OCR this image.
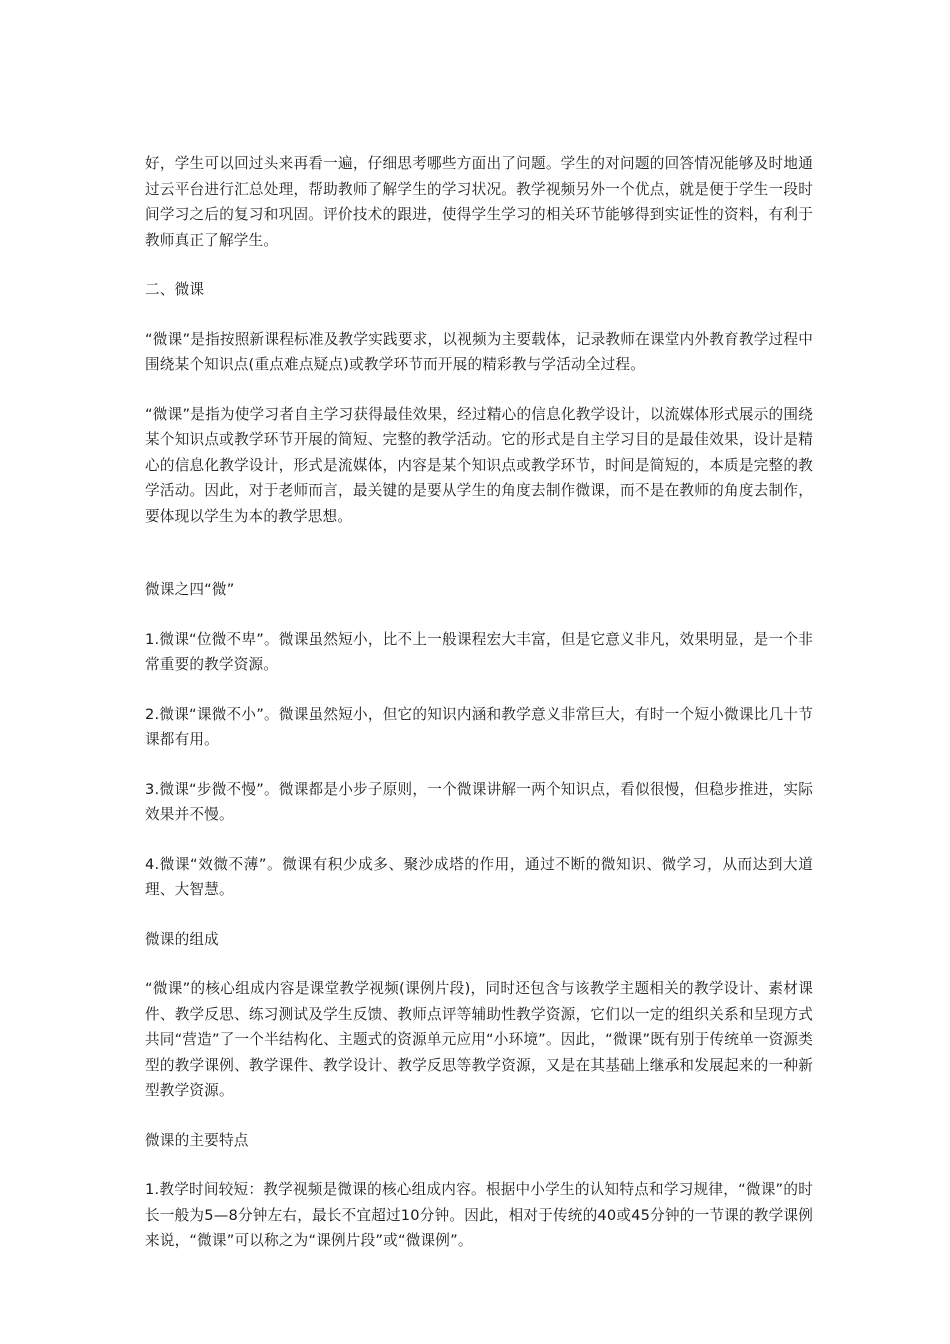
好，学生可以回过头来再看一遍，仔细思考哪些方面出了问题。学生的对问题的回答情况能够及时地通过云平台进行汇总处理，帮助教师了解学生的学习状况。教学视频另外一个优点，就是便于学生一段时间学习之后的复习和巩固。评价技术的跟进，使得学生学习的相关环节能够得到实证性的资料，有利于教师真正了解学生。

二、微课

“微课”是指按照新课程标准及教学实践要求，以视频为主要载体，记录教师在课堂内外教育教学过程中围绕某个知识点(重点难点疑点)或教学环节而开展的精彩教与学活动全过程。

“微课”是指为使学习者自主学习获得最佳效果，经过精心的信息化教学设计，以流媒体形式展示的围绕某个知识点或教学环节开展的简短、完整的教学活动。它的形式是自主学习目的是最佳效果，设计是精心的信息化教学设计，形式是流媒体，内容是某个知识点或教学环节，时间是简短的，本质是完整的教学活动。因此，对于老师而言，最关键的是要从学生的角度去制作微课，而不是在教师的角度去制作，要体现以学生为本的教学思想。

微课之四“微”

1.微课“位微不卑”。微课虽然短小，比不上一般课程宏大丰富，但是它意义非凡，效果明显，是一个非常重要的教学资源。

2.微课“课微不小”。微课虽然短小，但它的知识内涵和教学意义非常巨大，有时一个短小微课比几十节课都有用。

3.微课“步微不慢”。微课都是小步子原则，一个微课讲解一两个知识点，看似很慢，但稳步推进，实际效果并不慢。

4.微课“效微不薄”。微课有积少成多、聚沙成塔的作用，通过不断的微知识、微学习，从而达到大道理、大智慧。

微课的组成

“微课”的核心组成内容是课堂教学视频(课例片段)，同时还包含与该教学主题相关的教学设计、素材课件、教学反思、练习测试及学生反馈、教师点评等辅助性教学资源，它们以一定的组织关系和呈现方式共同“营造”了一个半结构化、主题式的资源单元应用“小环境”。因此，“微课”既有别于传统单一资源类型的教学课例、教学课件、教学设计、教学反思等教学资源，又是在其基础上继承和发展起来的一种新型教学资源。

微课的主要特点

1.教学时间较短：教学视频是微课的核心组成内容。根据中小学生的认知特点和学习规律，“微课”的时长一般为5—8分钟左右，最长不宜超过10分钟。因此，相对于传统的40或45分钟的一节课的教学课例来说，“微课”可以称之为“课例片段”或“微课例”。
